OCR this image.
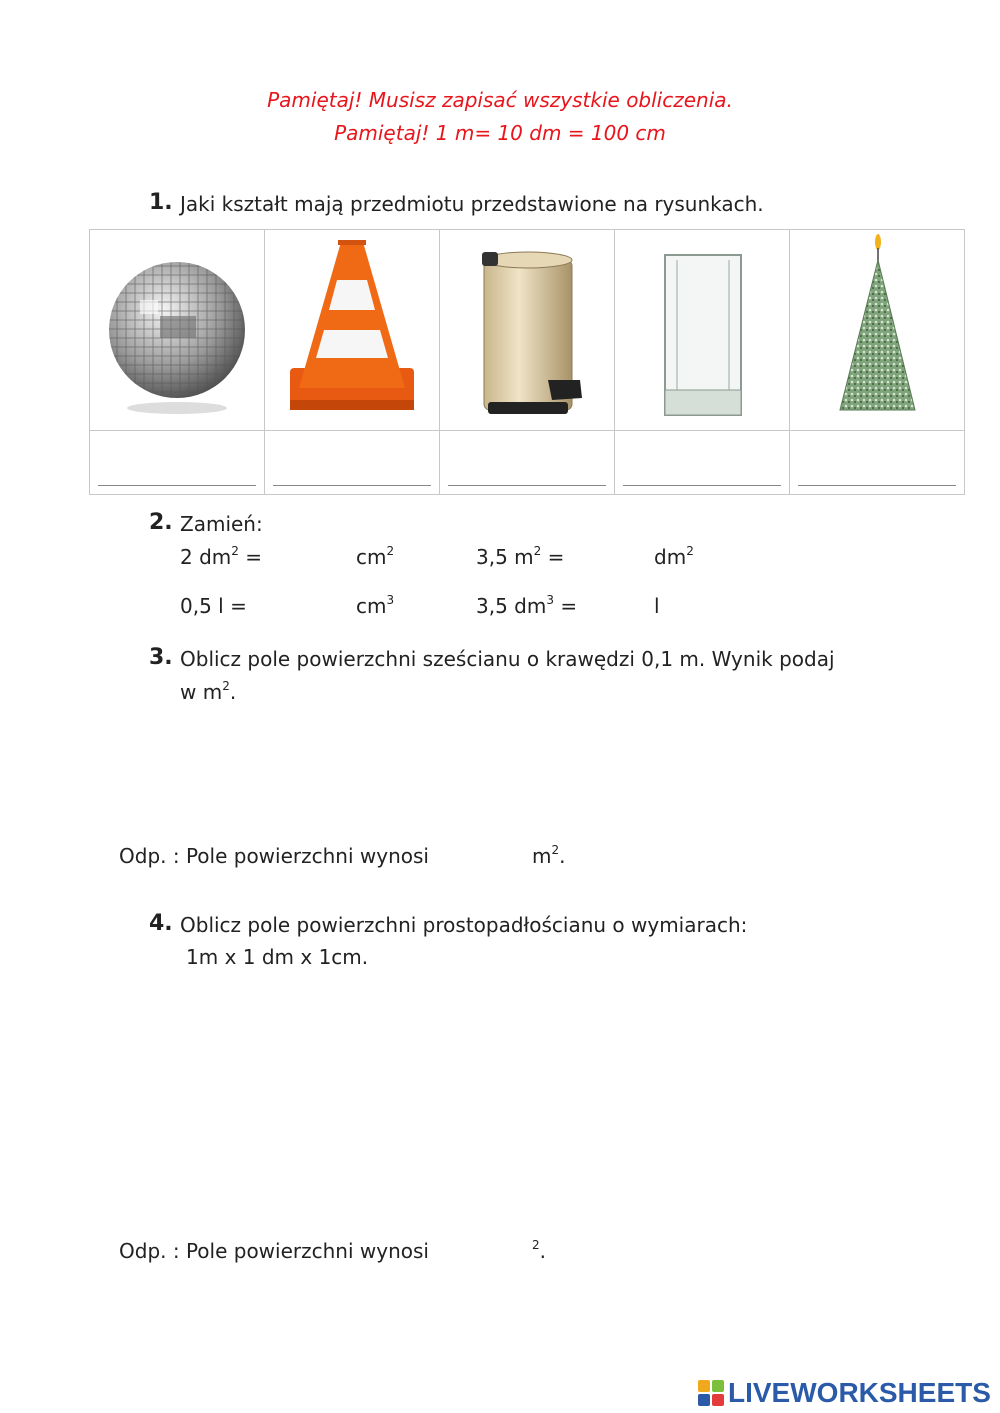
Pamiętaj! Musisz zapisać wszystkie obliczenia.
Pamiętaj! 1 m= 10 dm = 100 cm
1. Jaki kształt mają przedmiotu przedstawione na rysunkach.

2. Zamień:
2 $dm^2$ =	$cm^2$	3,5 $m^2$ =	$dm^2$
0,5 l =	$cm^3$	3,5 $dm^3$ =	l
3. Oblicz pole powierzchni sześcianu o krawędzi 0,1 m. Wynik podaj
w $m^2$.
Odp. : Pole powierzchni wynosi	$m^2$.
4. Oblicz pole powierzchni prostopadłościanu o wymiarach:
1m x 1 dm x 1cm.
Odp. : Pole powierzchni wynosi	$^2$.
LIVEWORKSHEETS
